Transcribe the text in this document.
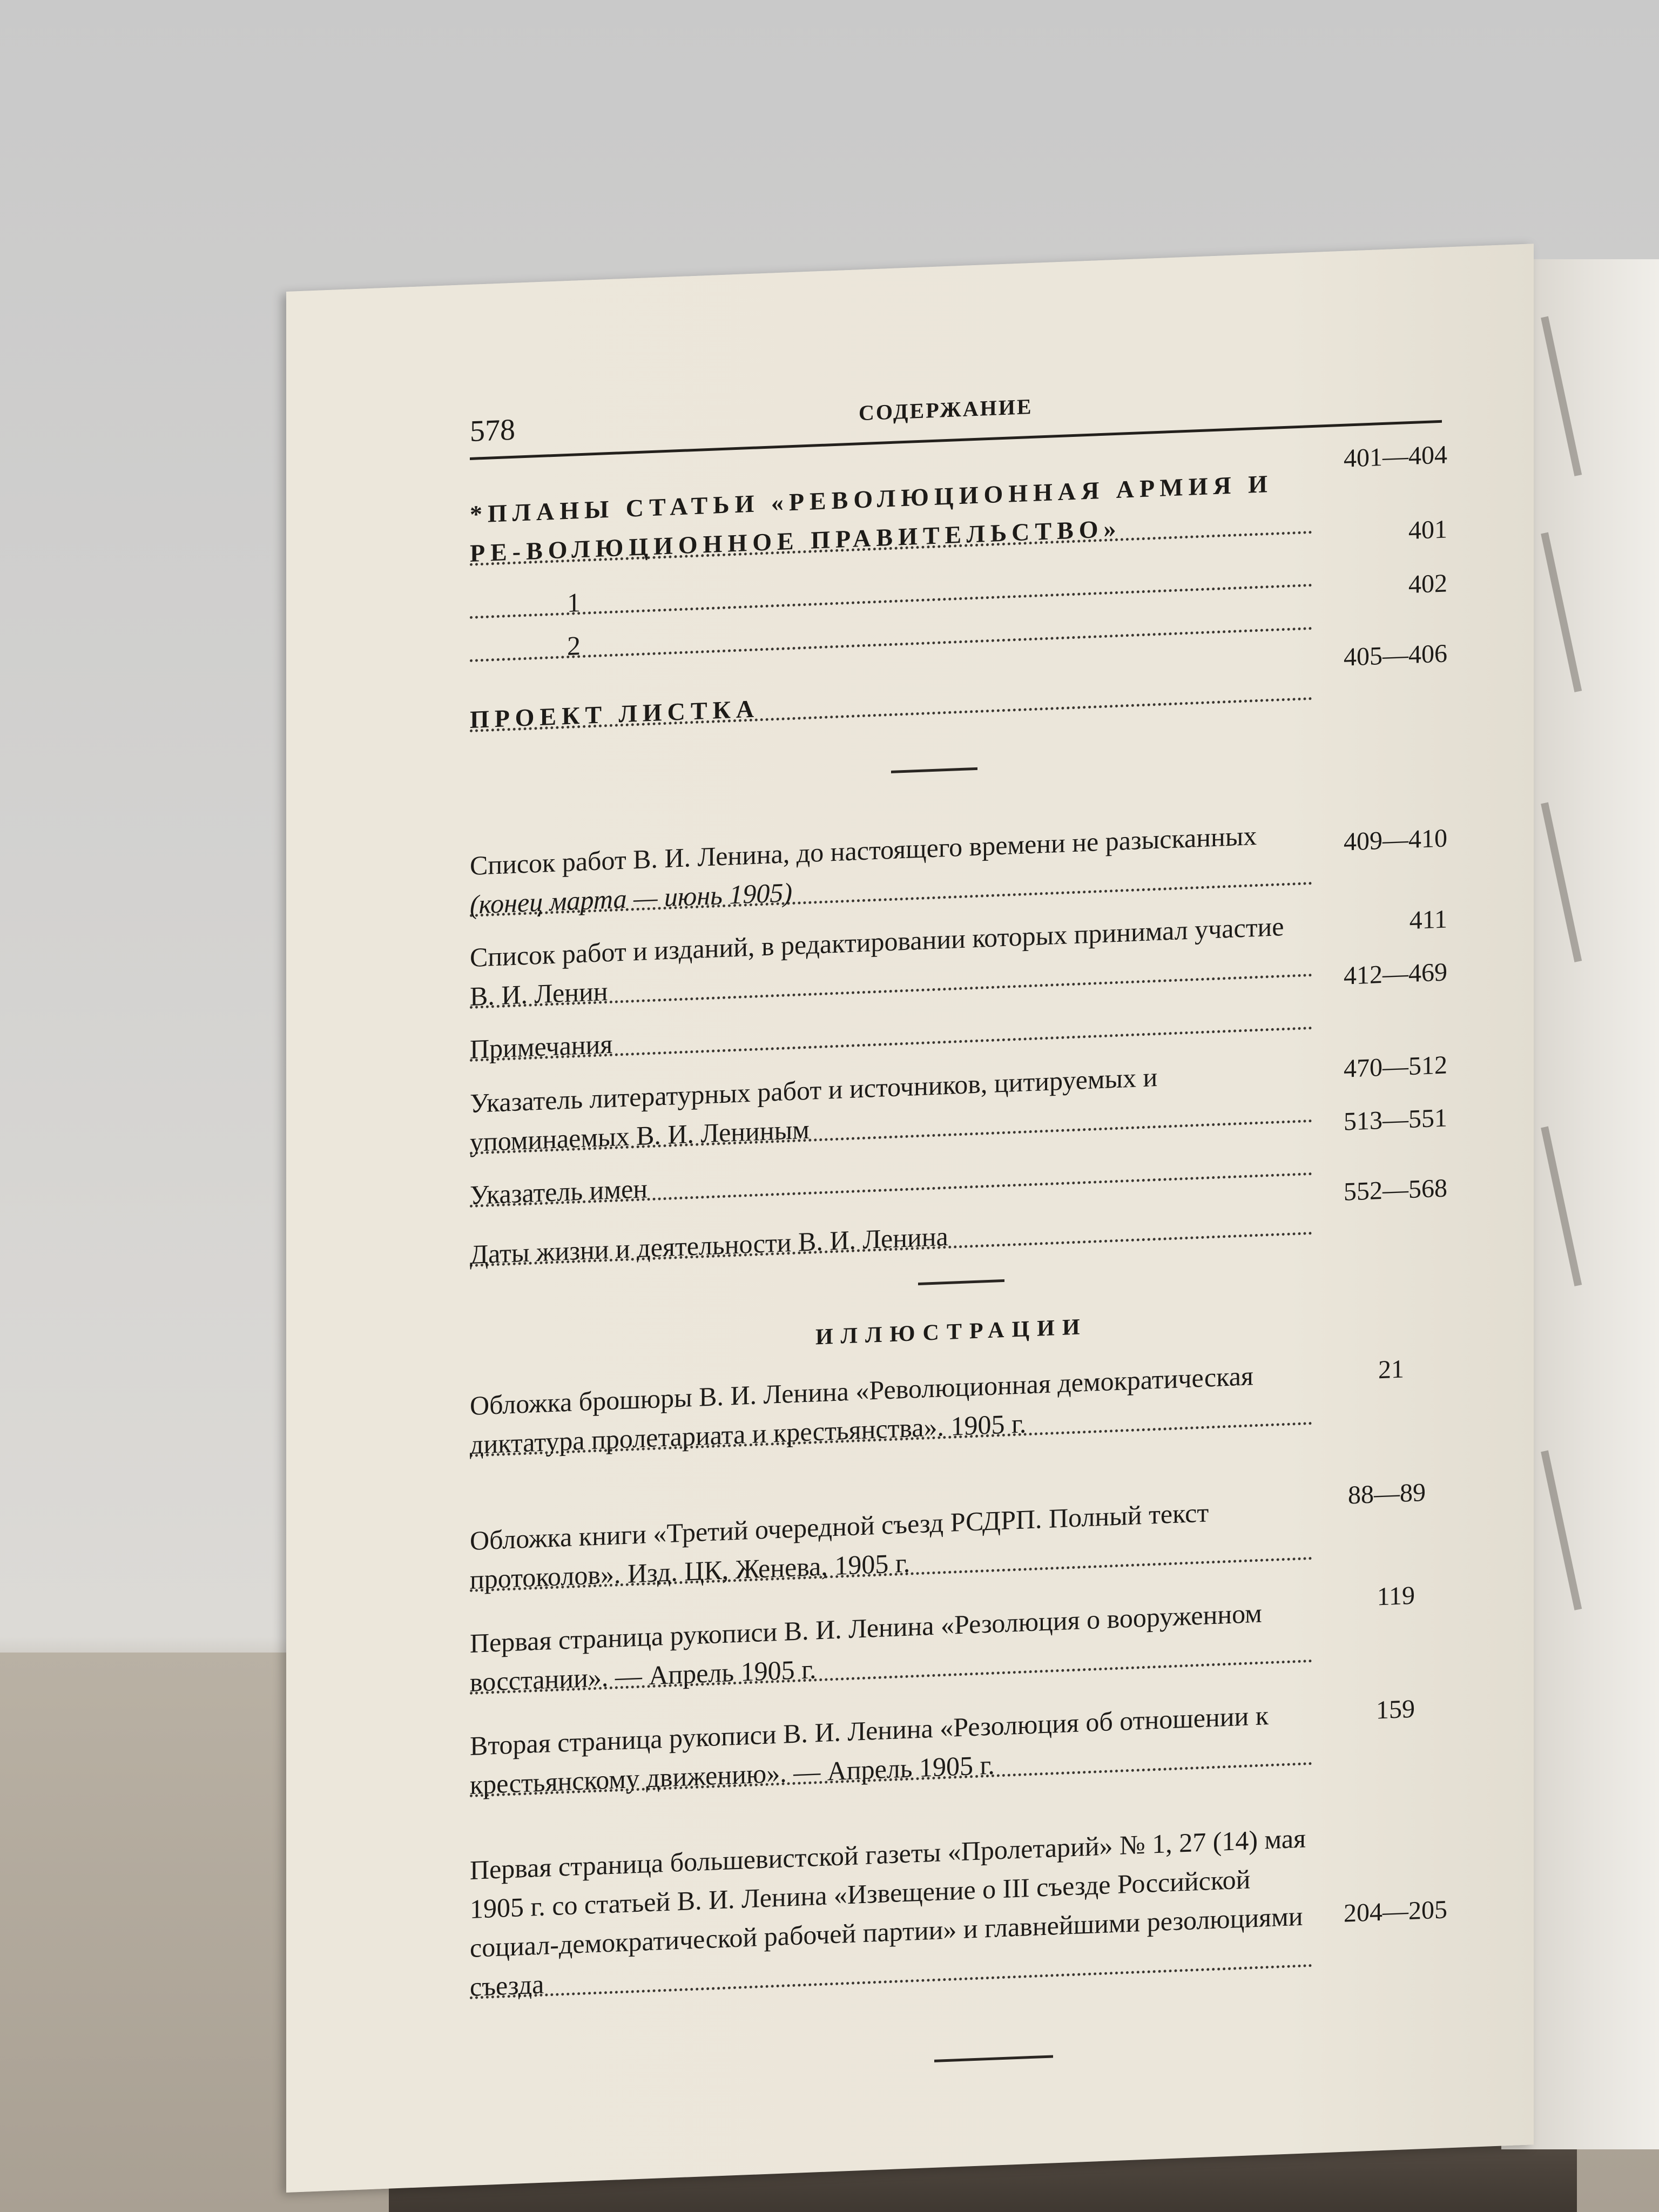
578
СОДЕРЖАНИЕ
*ПЛАНЫ СТАТЬИ «РЕВОЛЮЦИОННАЯ АРМИЯ И РЕ-ВОЛЮЦИОННОЕ ПРАВИТЕЛЬСТВО»
401—404
1
401
2
402
ПРОЕКТ ЛИСТКА
405—406
Список работ В. И. Ленина, до настоящего времени не разысканных (конец марта — июнь 1905)
409—410
Список работ и изданий, в редактировании которых принимал участие В. И. Ленин
411
Примечания
412—469
Указатель литературных работ и источников, цитируемых и упоминаемых В. И. Лениным
470—512
Указатель имен
513—551
Даты жизни и деятельности В. И. Ленина
552—568
ИЛЛЮСТРАЦИИ
Обложка брошюры В. И. Ленина «Революционная демократическая диктатура пролетариата и крестьянства». 1905 г.
21
Обложка книги «Третий очередной съезд РСДРП. Полный текст протоколов». Изд. ЦК, Женева, 1905 г.
88—89
Первая страница рукописи В. И. Ленина «Резолюция о вооруженном восстании». — Апрель 1905 г.
119
Вторая страница рукописи В. И. Ленина «Резолюция об отношении к крестьянскому движению». — Апрель 1905 г.
159
Первая страница большевистской газеты «Пролетарий» № 1, 27 (14) мая 1905 г. со статьей В. И. Ленина «Извещение о III съезде Российской социал-демократической рабочей партии» и главнейшими резолюциями съезда
204—205
